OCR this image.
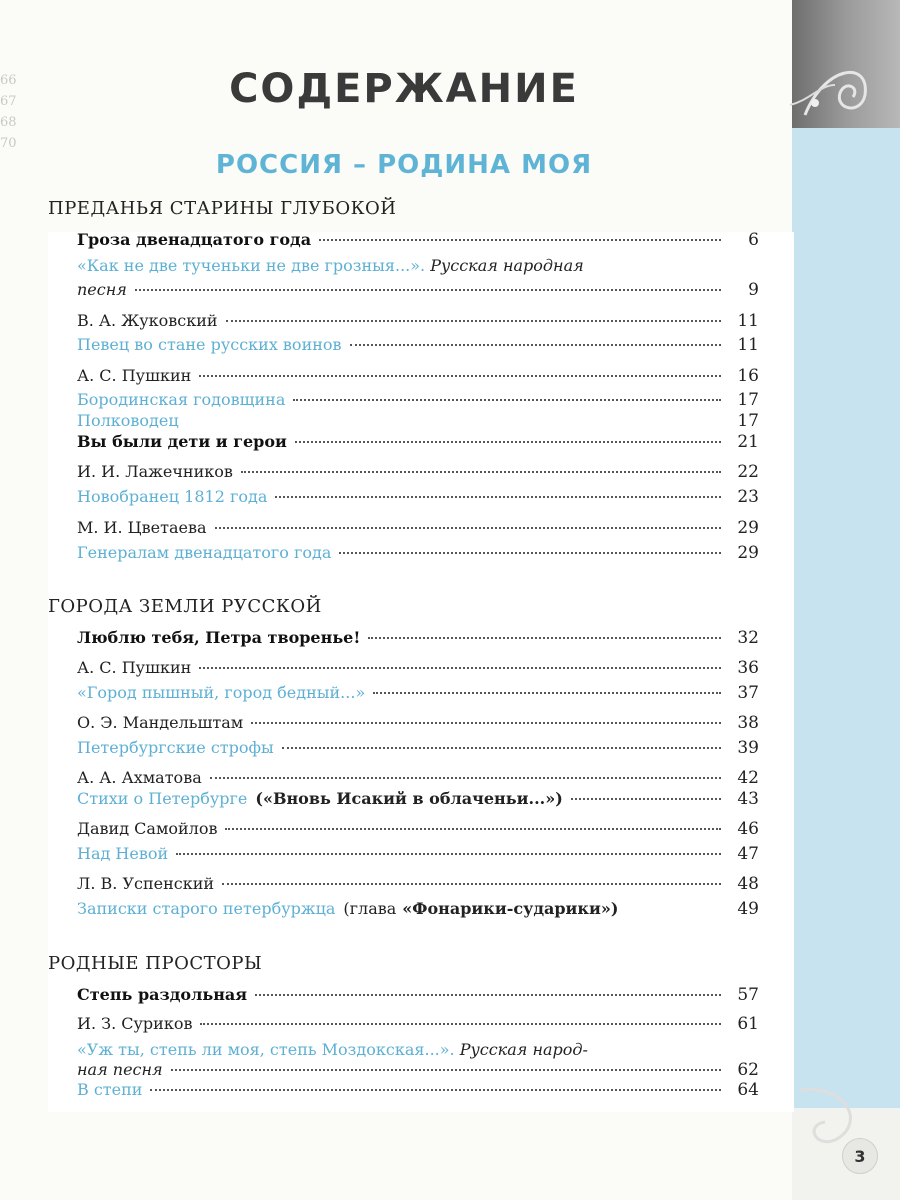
66
67
68
70
3
СОДЕРЖАНИЕ
РОССИЯ – РОДИНА МОЯ
ПРЕДАНЬЯ СТАРИНЫ ГЛУБОКОЙ
Гроза двенадцатого года	6
«Как не две тученьки не две грозныя...». Русская народная
песня	9
В. А. Жуковский	11
Певец во стане русских воинов	11
А. С. Пушкин	16
Бородинская годовщина	17
Полководец	17
Вы были дети и герои	21
И. И. Лажечников	22
Новобранец 1812 года	23
М. И. Цветаева	29
Генералам двенадцатого года	29
ГОРОДА ЗЕМЛИ РУССКОЙ
Люблю тебя, Петра творенье!	32
А. С. Пушкин	36
«Город пышный, город бедный...»	37
О. Э. Мандельштам	38
Петербургские строфы	39
А. А. Ахматова	42
Стихи о Петербурге («Вновь Исакий в облаченьи...»)	43
Давид Самойлов	46
Над Невой	47
Л. В. Успенский	48
Записки старого петербуржца (глава «Фонарики-сударики»)	49
РОДНЫЕ ПРОСТОРЫ
Степь раздольная	57
И. З. Суриков	61
«Уж ты, степь ли моя, степь Моздокская...». Русская народ-
ная песня	62
В степи	64
